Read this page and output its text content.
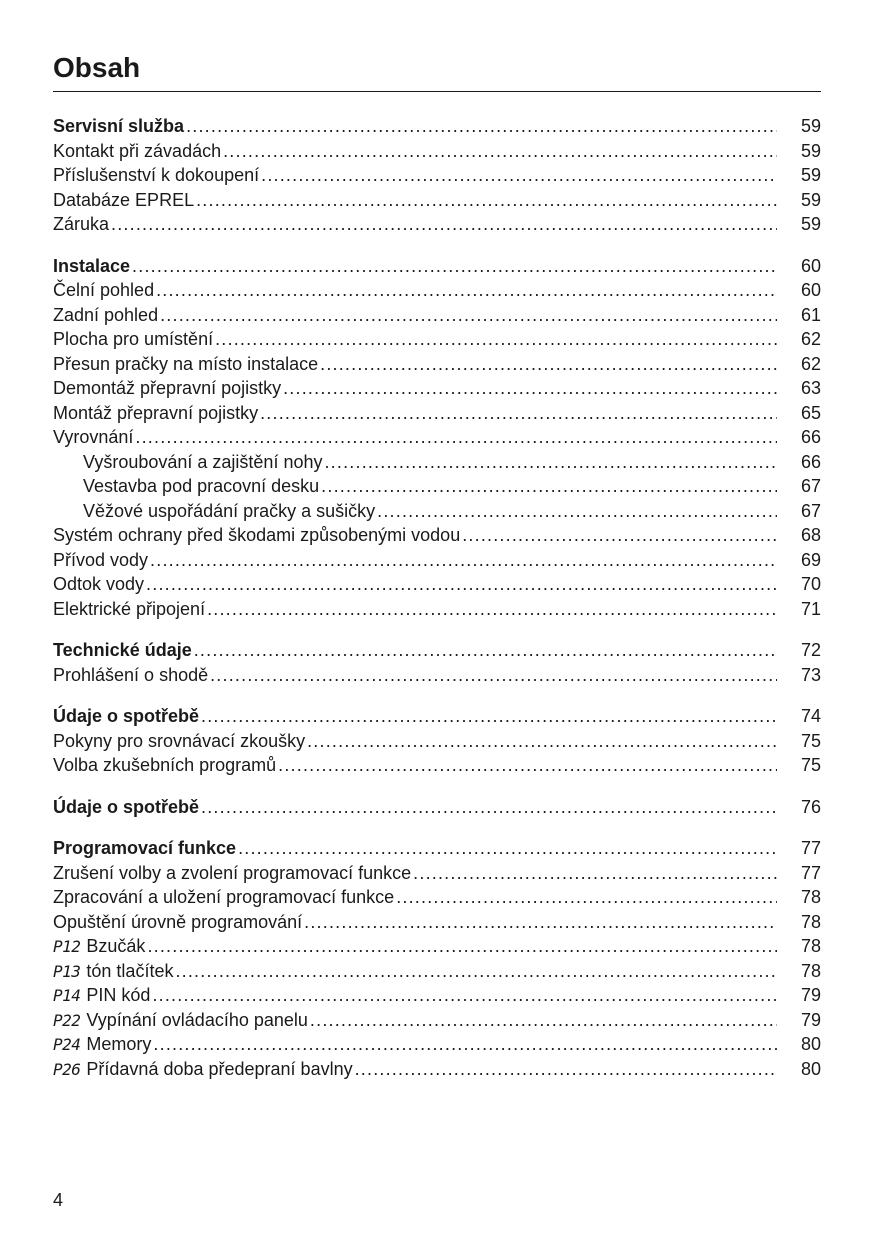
Obsah
Servisní služba .....	59
Kontakt při závadách .....	59
Příslušenství k dokoupení .....	59
Databáze EPREL .....	59
Záruka .....	59
Instalace .....	60
Čelní pohled .....	60
Zadní pohled .....	61
Plocha pro umístění .....	62
Přesun pračky na místo instalace .....	62
Demontáž přepravní pojistky .....	63
Montáž přepravní pojistky .....	65
Vyrovnání .....	66
Vyšroubování a zajištění nohy .....	66
Vestavba pod pracovní desku .....	67
Věžové uspořádání pračky a sušičky .....	67
Systém ochrany před škodami způsobenými vodou .....	68
Přívod vody .....	69
Odtok vody .....	70
Elektrické připojení .....	71
Technické údaje .....	72
Prohlášení o shodě .....	73
Údaje o spotřebě .....	74
Pokyny pro srovnávací zkoušky .....	75
Volba zkušebních programů .....	75
Údaje o spotřebě .....	76
Programovací funkce .....	77
Zrušení volby a zvolení programovací funkce .....	77
Zpracování a uložení programovací funkce .....	78
Opuštění úrovně programování .....	78
P12 Bzučák .....	78
P13 tón tlačítek .....	78
P14 PIN kód .....	79
P22 Vypínání ovládacího panelu .....	79
P24 Memory .....	80
P26 Přídavná doba předepraní bavlny .....	80
4
